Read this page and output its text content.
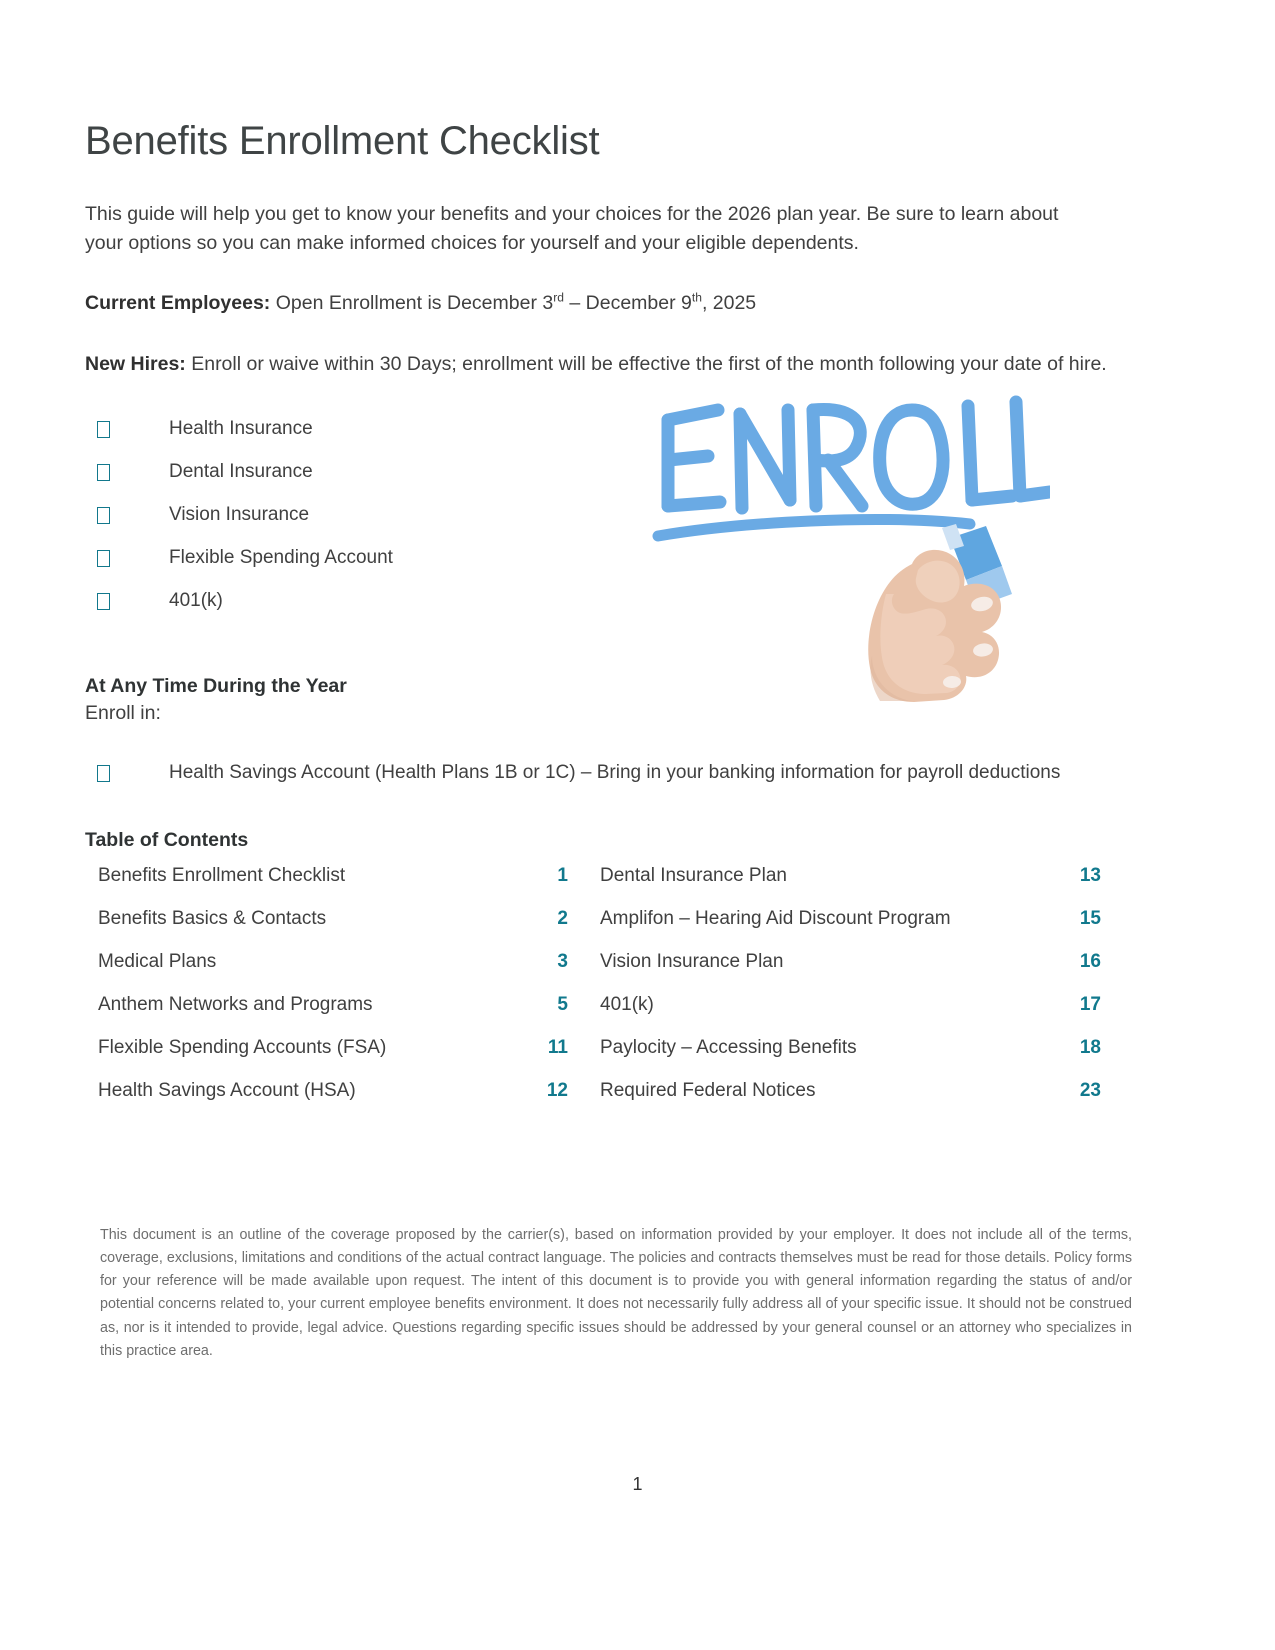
Benefits Enrollment Checklist

This guide will help you get to know your benefits and your choices for the 2026 plan year. Be sure to learn about your options so you can make informed choices for yourself and your eligible dependents.

Current Employees: Open Enrollment is December 3rd – December 9th, 2025

New Hires: Enroll or waive within 30 Days; enrollment will be effective the first of the month following your date of hire.

Health Insurance
Dental Insurance
Vision Insurance
Flexible Spending Account
401(k)
At Any Time During the Year
Enroll in:
Health Savings Account (Health Plans 1B or 1C) – Bring in your banking information for payroll deductions
Table of Contents
Benefits Enrollment Checklist	1
Benefits Basics & Contacts	2
Medical Plans	3
Anthem Networks and Programs	5
Flexible Spending Accounts (FSA)	11
Health Savings Account (HSA)	12
Dental Insurance Plan	13
Amplifon – Hearing Aid Discount Program	15
Vision Insurance Plan	16
401(k)	17
Paylocity – Accessing Benefits	18
Required Federal Notices	23
This document is an outline of the coverage proposed by the carrier(s), based on information provided by your employer. It does not include all of the terms, coverage, exclusions, limitations and conditions of the actual contract language. The policies and contracts themselves must be read for those details. Policy forms for your reference will be made available upon request. The intent of this document is to provide you with general information regarding the status of and/or potential concerns related to, your current employee benefits environment. It does not necessarily fully address all of your specific issue. It should not be construed as, nor is it intended to provide, legal advice. Questions regarding specific issues should be addressed by your general counsel or an attorney who specializes in this practice area.
1
